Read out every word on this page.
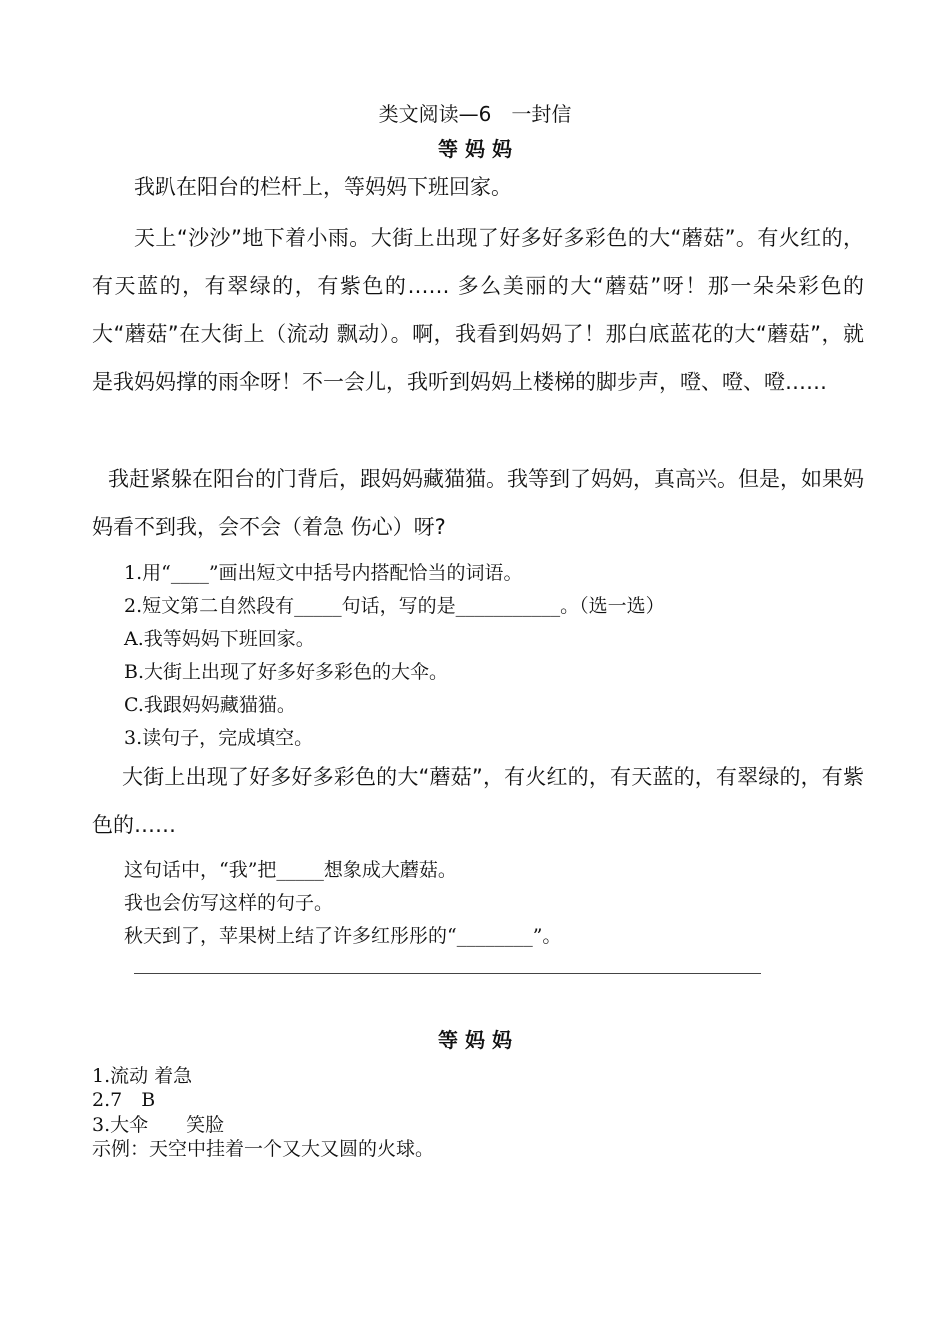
类文阅读—6　一封信
等 妈 妈
我趴在阳台的栏杆上，等妈妈下班回家。
天上“沙沙”地下着小雨。大街上出现了好多好多彩色的大“蘑菇”。有火红的，有天蓝的，有翠绿的，有紫色的…… 多么美丽的大“蘑菇”呀！那一朵朵彩色的大“蘑菇”在大街上（流动 飘动）。啊，我看到妈妈了！那白底蓝花的大“蘑菇”，就是我妈妈撑的雨伞呀！不一会儿，我听到妈妈上楼梯的脚步声，噔、噔、噔……
我赶紧躲在阳台的门背后，跟妈妈藏猫猫。我等到了妈妈，真高兴。但是，如果妈妈看不到我，会不会（着急 伤心）呀?
1.用“____”画出短文中括号内搭配恰当的词语。
2.短文第二自然段有_____句话，写的是___________。（选一选）
A.我等妈妈下班回家。
B.大街上出现了好多好多彩色的大伞。
C.我跟妈妈藏猫猫。
3.读句子，完成填空。
大街上出现了好多好多彩色的大“蘑菇”，有火红的，有天蓝的，有翠绿的，有紫色的……
这句话中，“我”把_____想象成大蘑菇。
我也会仿写这样的句子。
秋天到了，苹果树上结了许多红彤彤的“________”。
等 妈 妈
1.流动 着急
2.7　B
3.大伞　　笑脸
示例：天空中挂着一个又大又圆的火球。
